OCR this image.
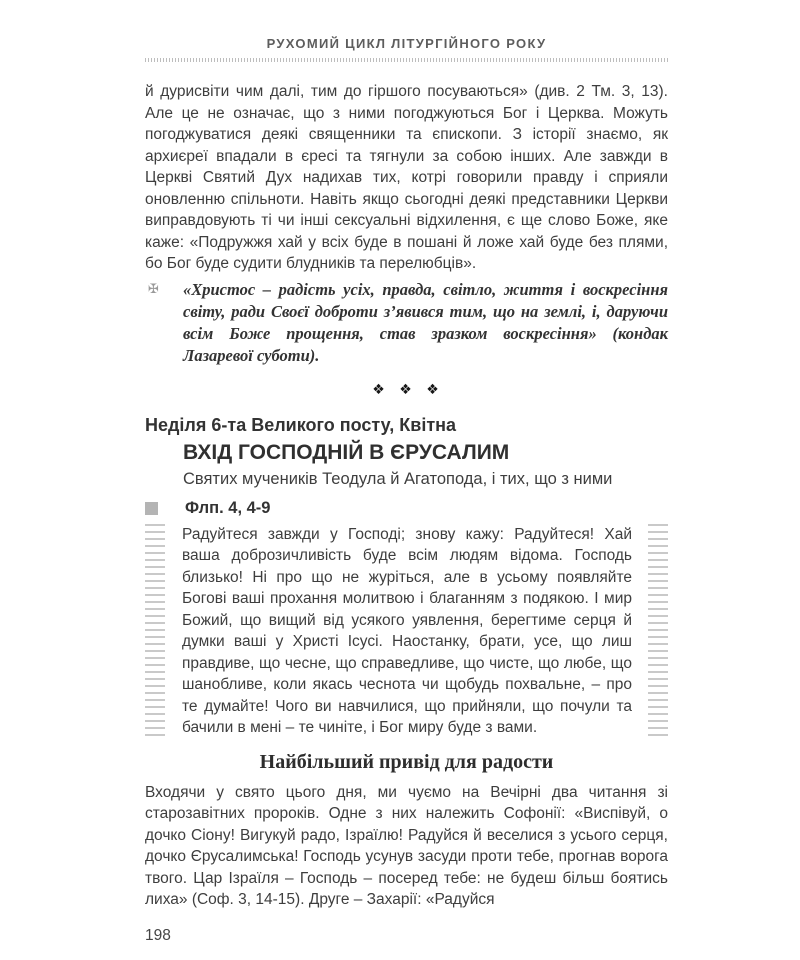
РУХОМИЙ ЦИКЛ ЛІТУРГІЙНОГО РОКУ

й дурисвіти чим далі, тим до гіршого посуваються» (див. 2 Тм. 3, 13). Але це не означає, що з ними погоджуються Бог і Церква. Можуть погоджуватися деякі священники та єпископи. З історії знаємо, як архиєреї впадали в єресі та тягнули за собою інших. Але завжди в Церкві Святий Дух надихав тих, котрі говорили правду і сприяли оновленню спільноти. Навіть якщо сьогодні деякі представники Церкви виправдовують ті чи інші сексуальні відхилення, є ще слово Боже, яке каже: «Подружжя хай у всіх буде в пошані й ложе хай буде без плями, бо Бог буде судити блудників та перелюбців».

✠	«Христос – радість усіх, правда, світло, життя і воскресіння світу, ради Своєї доброти з’явився тим, що на землі, і, даруючи всім Боже прощення, став зразком воскресіння» (кондак Лазаревої суботи).

❖ ❖ ❖
Неділя 6-та Великого посту, Квітна
ВХІД ГОСПОДНІЙ В ЄРУСАЛИМ
Святих мучеників Теодула й Агатопода, і тих, що з ними
Флп. 4, 4-9

Радуйтеся завжди у Господі; знову кажу: Радуйтеся! Хай ваша доброзичливість буде всім людям відома. Господь близько! Ні про що не журіться, але в усьому появляйте Богові ваші прохання молитвою і благанням з подякою. І мир Божий, що вищий від усякого уявлення, берегтиме серця й думки ваші у Христі Ісусі. Наостанку, брати, усе, що лиш правдиве, що чесне, що справедливе, що чисте, що любе, що шанобливе, коли якась чеснота чи щобудь похвальне, – про те думайте! Чого ви навчилися, що прийняли, що почули та бачили в мені – те чиніте, і Бог миру буде з вами.

Найбільший привід для радости

Входячи у свято цього дня, ми чуємо на Вечірні два читання зі старозавітних пророків. Одне з них належить Софонії: «Виспівуй, о дочко Сіону! Вигукуй радо, Ізраїлю! Радуйся й веселися з усього серця, дочко Єрусалимська! Господь усунув засуди проти тебе, прогнав ворога твого. Цар Ізраїля – Господь – посеред тебе: не будеш більш боятись лиха» (Соф. 3, 14-15). Друге – Захарії: «Радуйся

198
